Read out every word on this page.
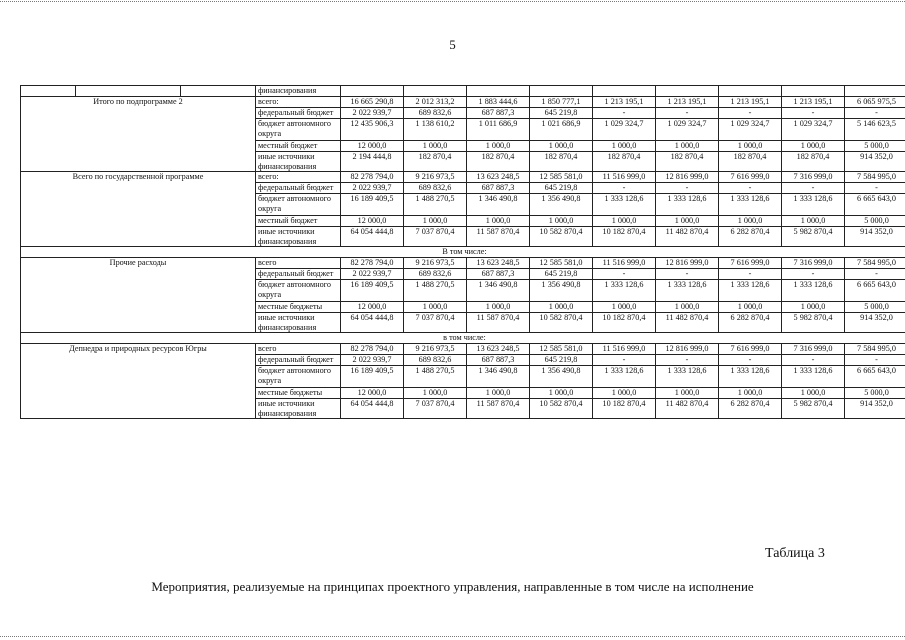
5
			финансирования									
Итого по подпрограмме 2			всего:	16 665 290,8	2 012 313,2	1 883 444,6	1 850 777,1	1 213 195,1	1 213 195,1	1 213 195,1	1 213 195,1	6 065 975,5
			федеральный бюджет	2 022 939,7	689 832,6	687 887,3	645 219,8	-	-	-	-	-
			бюджет автономного округа	12 435 906,3	1 138 610,2	1 011 686,9	1 021 686,9	1 029 324,7	1 029 324,7	1 029 324,7	1 029 324,7	5 146 623,5
			местный бюджет	12 000,0	1 000,0	1 000,0	1 000,0	1 000,0	1 000,0	1 000,0	1 000,0	5 000,0
			иные источники финансирования	2 194 444,8	182 870,4	182 870,4	182 870,4	182 870,4	182 870,4	182 870,4	182 870,4	914 352,0
Всего по государственной программе			всего:	82 278 794,0	9 216 973,5	13 623 248,5	12 585 581,0	11 516 999,0	12 816 999,0	7 616 999,0	7 316 999,0	7 584 995,0
			федеральный бюджет	2 022 939,7	689 832,6	687 887,3	645 219,8	-	-	-	-	-
			бюджет автономного округа	16 189 409,5	1 488 270,5	1 346 490,8	1 356 490,8	1 333 128,6	1 333 128,6	1 333 128,6	1 333 128,6	6 665 643,0
			местный бюджет	12 000,0	1 000,0	1 000,0	1 000,0	1 000,0	1 000,0	1 000,0	1 000,0	5 000,0
			иные источники финансирования	64 054 444,8	7 037 870,4	11 587 870,4	10 582 870,4	10 182 870,4	11 482 870,4	6 282 870,4	5 982 870,4	914 352,0
В том числе:												
Прочие расходы			всего	82 278 794,0	9 216 973,5	13 623 248,5	12 585 581,0	11 516 999,0	12 816 999,0	7 616 999,0	7 316 999,0	7 584 995,0
			федеральный бюджет	2 022 939,7	689 832,6	687 887,3	645 219,8	-	-	-	-	-
			бюджет автономного округа	16 189 409,5	1 488 270,5	1 346 490,8	1 356 490,8	1 333 128,6	1 333 128,6	1 333 128,6	1 333 128,6	6 665 643,0
			местные бюджеты	12 000,0	1 000,0	1 000,0	1 000,0	1 000,0	1 000,0	1 000,0	1 000,0	5 000,0
			иные источники финансирования	64 054 444,8	7 037 870,4	11 587 870,4	10 582 870,4	10 182 870,4	11 482 870,4	6 282 870,4	5 982 870,4	914 352,0
в том числе:												
Депнедра и природных ресурсов Югры			всего	82 278 794,0	9 216 973,5	13 623 248,5	12 585 581,0	11 516 999,0	12 816 999,0	7 616 999,0	7 316 999,0	7 584 995,0
			федеральный бюджет	2 022 939,7	689 832,6	687 887,3	645 219,8	-	-	-	-	-
			бюджет автономного округа	16 189 409,5	1 488 270,5	1 346 490,8	1 356 490,8	1 333 128,6	1 333 128,6	1 333 128,6	1 333 128,6	6 665 643,0
			местные бюджеты	12 000,0	1 000,0	1 000,0	1 000,0	1 000,0	1 000,0	1 000,0	1 000,0	5 000,0
			иные источники финансирования	64 054 444,8	7 037 870,4	11 587 870,4	10 582 870,4	10 182 870,4	11 482 870,4	6 282 870,4	5 982 870,4	914 352,0
Таблица 3
Мероприятия, реализуемые на принципах проектного управления, направленные в том числе на исполнение
